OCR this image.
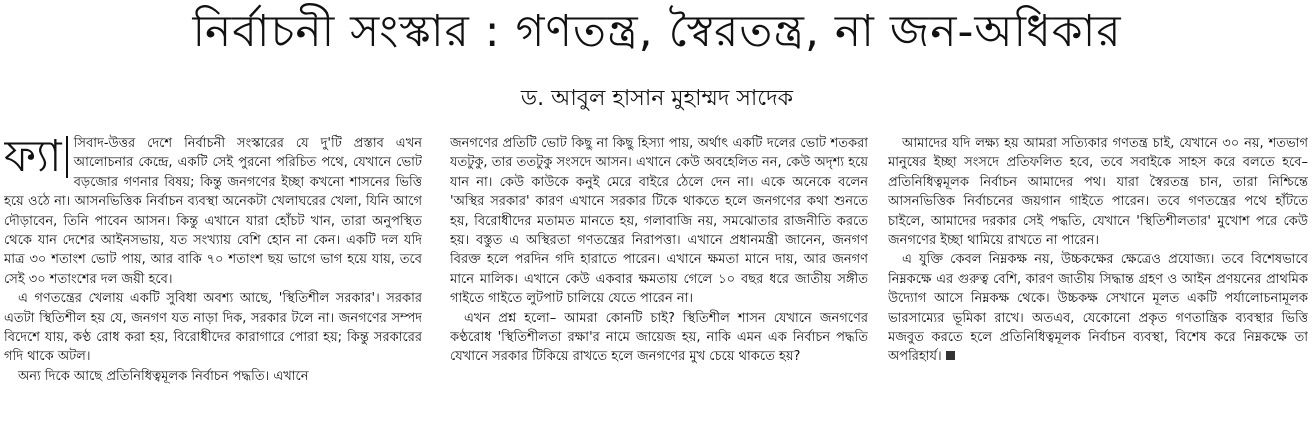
নির্বাচনী সংস্কার : গণতন্ত্র, স্বৈরতন্ত্র, না জন-অধিকার
ড. আবুল হাসান মুহাম্মদ সাদেক
ফ্যা সিবাদ-উত্তর দেশে নির্বাচনী সংস্কারের যে দু'টি প্রস্তাব এখন আলোচনার কেন্দ্রে, একটি সেই পুরনো পরিচিত পথে, যেখানে ভোট বড়জোর গণনার বিষয়; কিন্তু জনগণের ইচ্ছা কখনো শাসনের ভিত্তি হয়ে ওঠে না। আসনভিত্তিক নির্বাচন ব্যবস্থা অনেকটা খেলাঘরের খেলা, যিনি আগে দৌড়াবেন, তিনি পাবেন আসন। কিন্তু এখানে যারা হোঁচট খান, তারা অনুপস্থিত থেকে যান দেশের আইনসভায়, যত সংখ্যায় বেশি হোন না কেন। একটি দল যদি মাত্র ৩০ শতাংশ ভোট পায়, আর বাকি ৭০ শতাংশ ছয় ভাগে ভাগ হয়ে যায়, তবে সেই ৩০ শতাংশের দল জয়ী হবে।

এ গণতন্ত্রের খেলায় একটি সুবিধা অবশ্য আছে, 'স্থিতিশীল সরকার'। সরকার এতটা স্থিতিশীল হয় যে, জনগণ যত নাড়া দিক, সরকার টলে না। জনগণের সম্পদ বিদেশে যায়, কণ্ঠ রোধ করা হয়, বিরোধীদের কারাগারে পোরা হয়; কিন্তু সরকারের গদি থাকে অটল।

অন্য দিকে আছে প্রতিনিধিত্বমূলক নির্বাচন পদ্ধতি। এখানে

জনগণের প্রতিটি ভোট কিছু না কিছু হিস্যা পায়, অর্থাৎ একটি দলের ভোট শতকরা যতটুকু, তার ততটুকু সংসদে আসন। এখানে কেউ অবহেলিত নন, কেউ অদৃশ্য হয়ে যান না। কেউ কাউকে কনুই মেরে বাইরে ঠেলে দেন না। একে অনেকে বলেন 'অস্থির সরকার' কারণ এখানে সরকার টিকে থাকতে হলে জনগণের কথা শুনতে হয়, বিরোধীদের মতামত মানতে হয়, গলাবাজি নয়, সমঝোতার রাজনীতি করতে হয়। বস্তুত এ অস্থিরতা গণতন্ত্রের নিরাপত্তা। এখানে প্রধানমন্ত্রী জানেন, জনগণ বিরক্ত হলে পরদিন গদি হারাতে পারেন। এখানে ক্ষমতা মানে দায়, আর জনগণ মানে মালিক। এখানে কেউ একবার ক্ষমতায় গেলে ১০ বছর ধরে জাতীয় সঙ্গীত গাইতে গাইতে লুটপাট চালিয়ে যেতে পারেন না।

এখন প্রশ্ন হলো– আমরা কোনটি চাই? স্থিতিশীল শাসন যেখানে জনগণের কণ্ঠরোধ 'স্থিতিশীলতা রক্ষা'র নামে জায়েজ হয়, নাকি এমন এক নির্বাচন পদ্ধতি যেখানে সরকার টিকিয়ে রাখতে হলে জনগণের মুখ চেয়ে থাকতে হয়?

আমাদের যদি লক্ষ্য হয় আমরা সত্যিকার গণতন্ত্র চাই, যেখানে ৩০ নয়, শতভাগ মানুষের ইচ্ছা সংসদে প্রতিফলিত হবে, তবে সবাইকে সাহস করে বলতে হবে– প্রতিনিধিত্বমূলক নির্বাচন আমাদের পথ। যারা স্বৈরতন্ত্র চান, তারা নিশ্চিন্তে আসনভিত্তিক নির্বাচনের জয়গান গাইতে পারেন। তবে গণতন্ত্রের পথে হাঁটতে চাইলে, আমাদের দরকার সেই পদ্ধতি, যেখানে 'স্থিতিশীলতার' মুখোশ পরে কেউ জনগণের ইচ্ছা থামিয়ে রাখতে না পারেন।

এ যুক্তি কেবল নিম্নকক্ষ নয়, উচ্চকক্ষের ক্ষেত্রেও প্রযোজ্য। তবে বিশেষভাবে নিম্নকক্ষে এর গুরুত্ব বেশি, কারণ জাতীয় সিদ্ধান্ত গ্রহণ ও আইন প্রণয়নের প্রাথমিক উদ্যোগ আসে নিম্নকক্ষ থেকে। উচ্চকক্ষ সেখানে মূলত একটি পর্যালোচনামূলক ভারসাম্যের ভূমিকা রাখে। অতএব, যেকোনো প্রকৃত গণতান্ত্রিক ব্যবস্থার ভিত্তি মজবুত করতে হলে প্রতিনিধিত্বমূলক নির্বাচন ব্যবস্থা, বিশেষ করে নিম্নকক্ষে তা অপরিহার্য।
